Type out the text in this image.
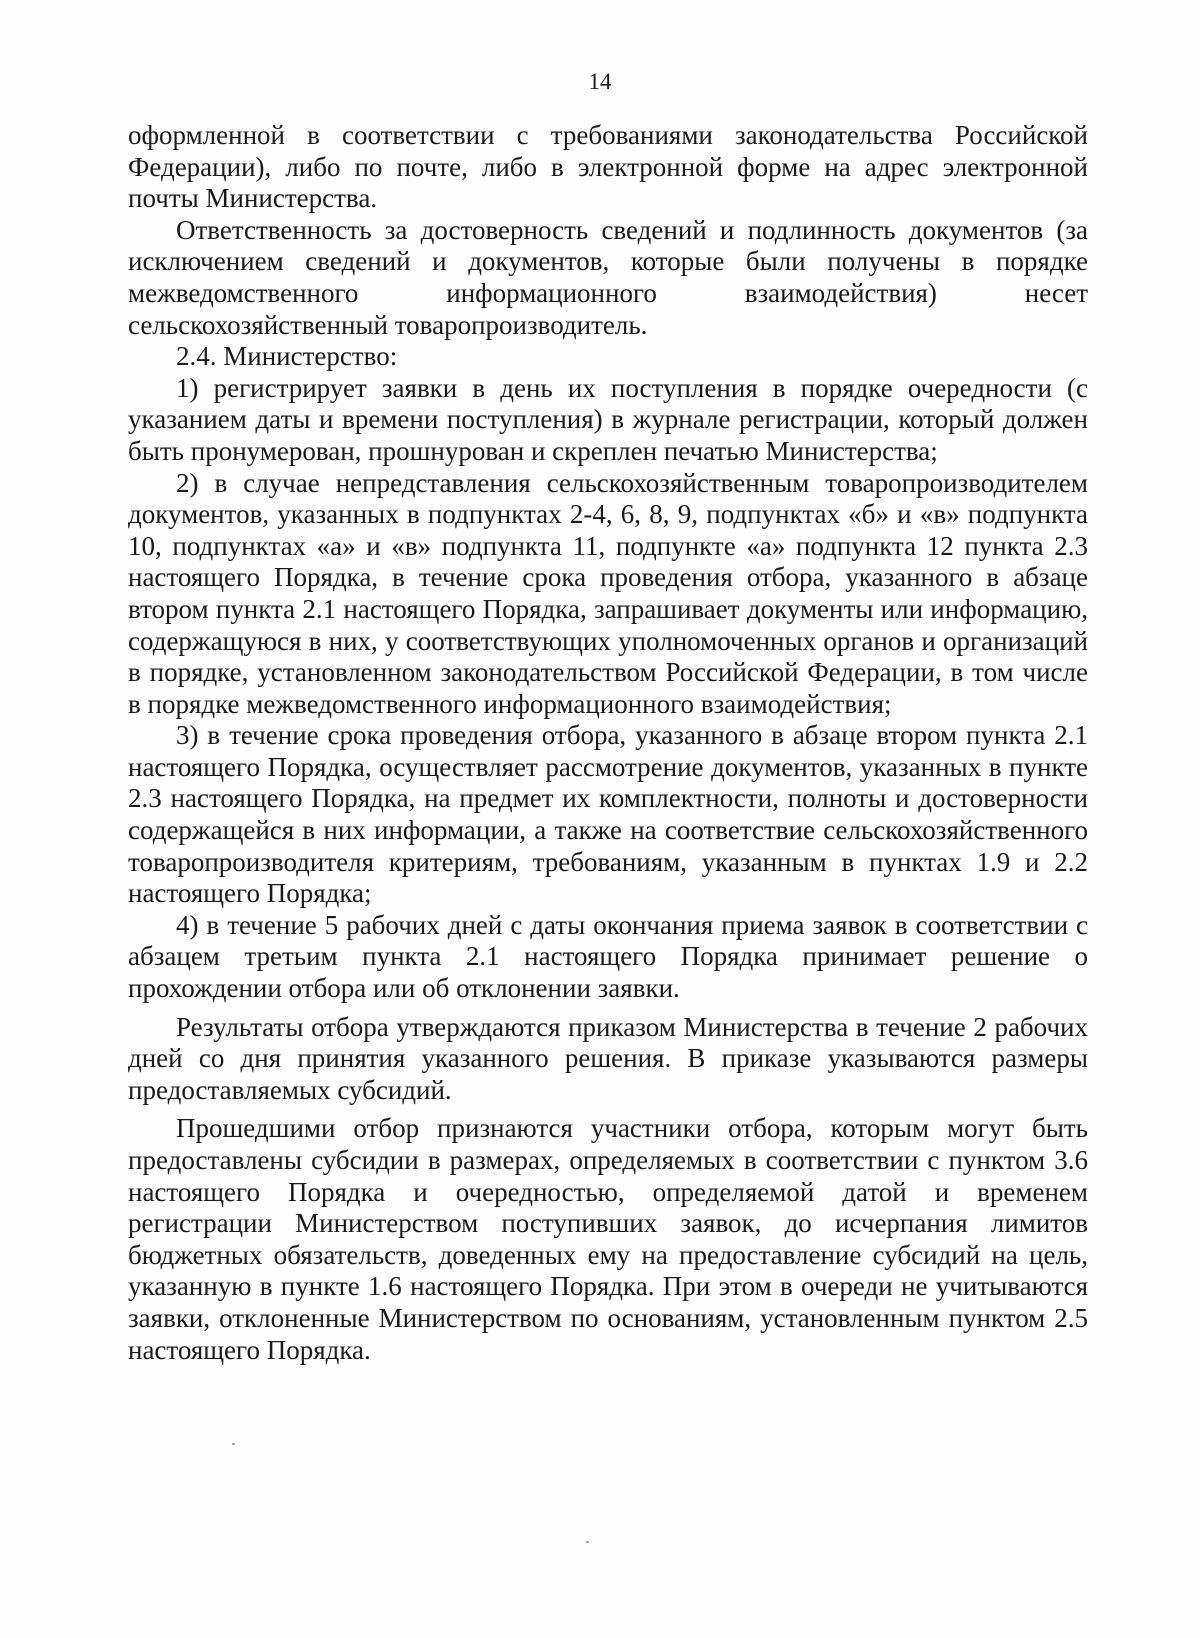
14

оформленной в соответствии с требованиями законодательства Российской Федерации), либо по почте, либо в электронной форме на адрес электронной почты Министерства.

Ответственность за достоверность сведений и подлинность документов (за исключением сведений и документов, которые были получены в порядке межведомственного информационного взаимодействия) несет сельскохозяйственный товаропроизводитель.

2.4. Министерство:

1) регистрирует заявки в день их поступления в порядке очередности (с указанием даты и времени поступления) в журнале регистрации, который должен быть пронумерован, прошнурован и скреплен печатью Министерства;

2) в случае непредставления сельскохозяйственным товаропроизводителем документов, указанных в подпунктах 2-4, 6, 8, 9, подпунктах «б» и «в» подпункта 10, подпунктах «а» и «в» подпункта 11, подпункте «а» подпункта 12 пункта 2.3 настоящего Порядка, в течение срока проведения отбора, указанного в абзаце втором пункта 2.1 настоящего Порядка, запрашивает документы или информацию, содержащуюся в них, у соответствующих уполномоченных органов и организаций в порядке, установленном законодательством Российской Федерации, в том числе в порядке межведомственного информационного взаимодействия;

3) в течение срока проведения отбора, указанного в абзаце втором пункта 2.1 настоящего Порядка, осуществляет рассмотрение документов, указанных в пункте 2.3 настоящего Порядка, на предмет их комплектности, полноты и достоверности содержащейся в них информации, а также на соответствие сельскохозяйственного товаропроизводителя критериям, требованиям, указанным в пунктах 1.9 и 2.2 настоящего Порядка;

4) в течение 5 рабочих дней с даты окончания приема заявок в соответствии с абзацем третьим пункта 2.1 настоящего Порядка принимает решение о прохождении отбора или об отклонении заявки.

Результаты отбора утверждаются приказом Министерства в течение 2 рабочих дней со дня принятия указанного решения. В приказе указываются размеры предоставляемых субсидий.

Прошедшими отбор признаются участники отбора, которым могут быть предоставлены субсидии в размерах, определяемых в соответствии с пунктом 3.6 настоящего Порядка и очередностью, определяемой датой и временем регистрации Министерством поступивших заявок, до исчерпания лимитов бюджетных обязательств, доведенных ему на предоставление субсидий на цель, указанную в пункте 1.6 настоящего Порядка. При этом в очереди не учитываются заявки, отклоненные Министерством по основаниям, установленным пунктом 2.5 настоящего Порядка.
